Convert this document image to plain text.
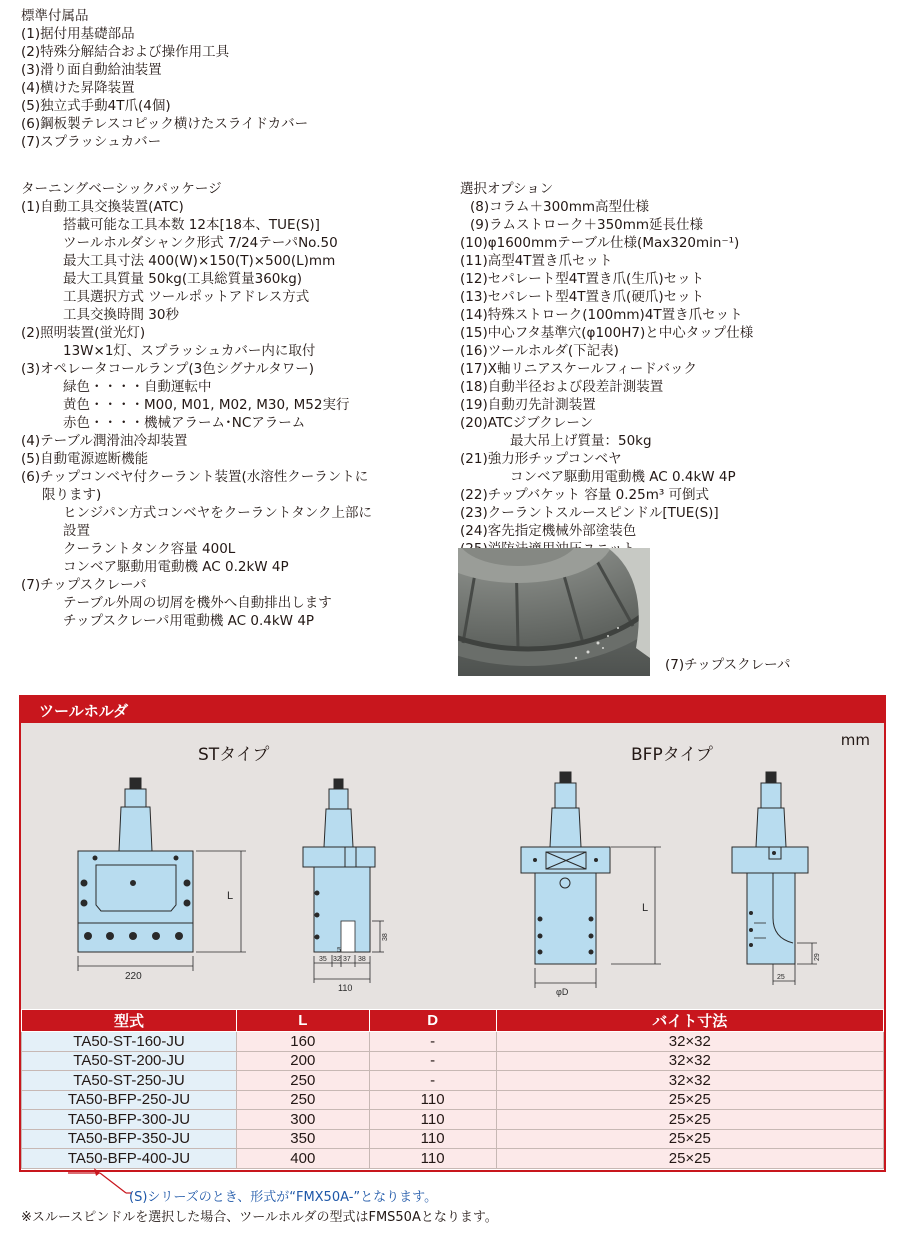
標準付属品
(1)据付用基礎部品
(2)特殊分解結合および操作用工具
(3)滑り面自動給油装置
(4)横けた昇降装置
(5)独立式手動4T爪(4個)
(6)鋼板製テレスコピック横けたスライドカバー
(7)スプラッシュカバー
ターニングベーシックパッケージ
(1)自動工具交換装置(ATC)
搭載可能な工具本数 12本[18本、TUE(S)]
ツールホルダシャンク形式 7/24テーパNo.50
最大工具寸法 400(W)×150(T)×500(L)mm
最大工具質量 50kg(工具総質量360kg)
工具選択方式 ツールポットアドレス方式
工具交換時間 30秒
(2)照明装置(蛍光灯)
13W×1灯、スプラッシュカバー内に取付
(3)オペレータコールランプ(3色シグナルタワー)
緑色・・・・自動運転中
黄色・・・・M00, M01, M02, M30, M52実行
赤色・・・・機械アラーム･NCアラーム
(4)テーブル潤滑油冷却装置
(5)自動電源遮断機能
(6)チップコンベヤ付クーラント装置(水溶性クーラントに
限ります)
ヒンジパン方式コンベヤをクーラントタンク上部に
設置
クーラントタンク容量 400L
コンベア駆動用電動機 AC 0.2kW 4P
(7)チップスクレーパ
テーブル外周の切屑を機外へ自動排出します
チップスクレーパ用電動機 AC 0.4kW 4P
選択オプション
(8)コラム＋300mm高型仕様
(9)ラムストローク＋350mm延長仕様
(10)φ1600mmテーブル仕様(Max320min⁻¹)
(11)高型4T置き爪セット
(12)セパレート型4T置き爪(生爪)セット
(13)セパレート型4T置き爪(硬爪)セット
(14)特殊ストローク(100mm)4T置き爪セット
(15)中心フタ基準穴(φ100H7)と中心タップ仕様
(16)ツールホルダ(下記表)
(17)X軸リニアスケールフィードバック
(18)自動半径および段差計測装置
(19)自動刃先計測装置
(20)ATCジブクレーン
最大吊上げ質量：50kg
(21)強力形チップコンベヤ
コンベア駆動用電動機 AC 0.4kW 4P
(22)チップバケット 容量 0.25m³ 可倒式
(23)クーラントスルースピンドル[TUE(S)]
(24)客先指定機械外部塗装色
(7)チップスクレーパ
ツールホルダ
mm
STタイプ	BFPタイプ
220
L
35 32 37 38
5
110
38
φD
L
25
29
型式	L	D	バイト寸法
TA50-ST-160-JU	160	-	32×32
TA50-ST-200-JU	200	-	32×32
TA50-ST-250-JU	250	-	32×32
TA50-BFP-250-JU	250	110	25×25
TA50-BFP-300-JU	300	110	25×25
TA50-BFP-350-JU	350	110	25×25
TA50-BFP-400-JU	400	110	25×25
(S)シリーズのとき、形式が“FMX50A-”となります。
※スルースピンドルを選択した場合、ツールホルダの型式はFMS50Aとなります。
